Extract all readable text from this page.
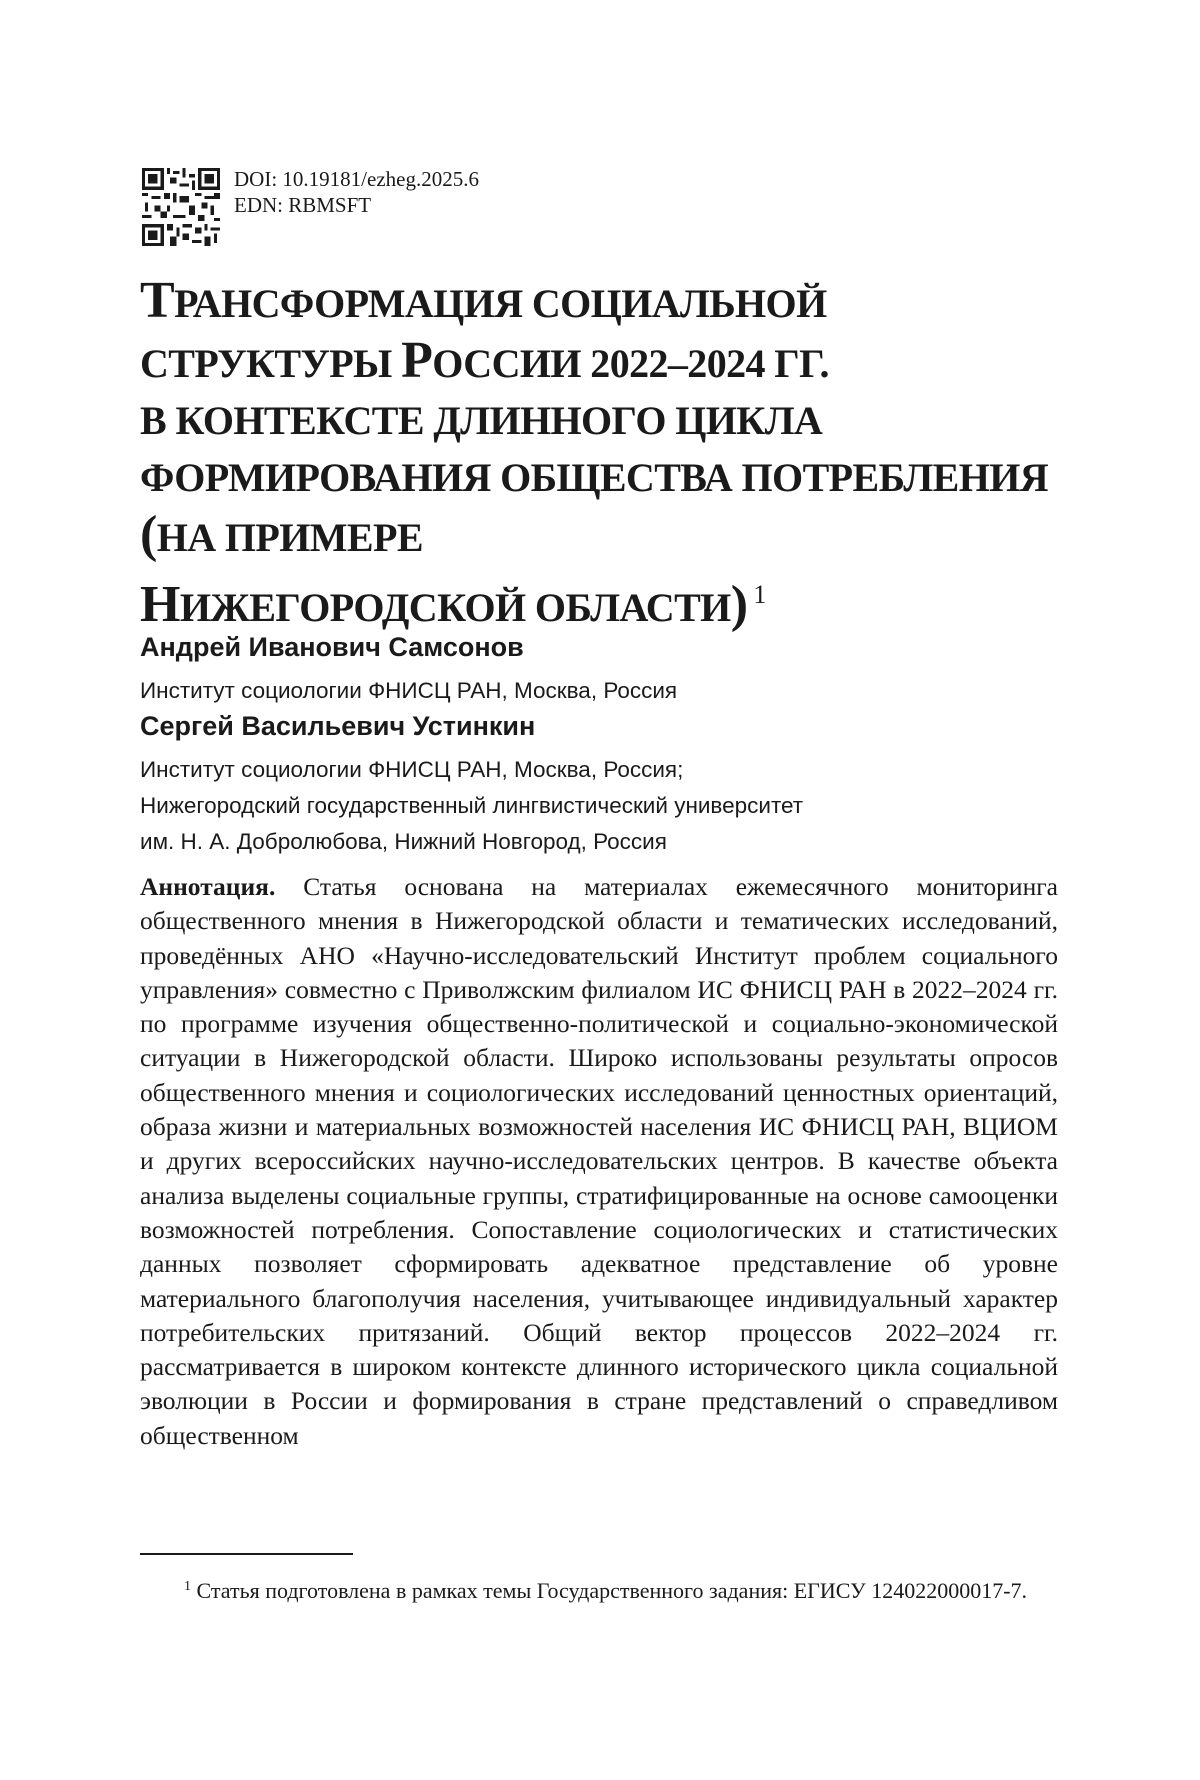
DOI: 10.19181/ezheg.2025.6
EDN: RBMSFT
ТРАНСФОРМАЦИЯ СОЦИАЛЬНОЙ
СТРУКТУРЫ РОССИИ 2022–2024 ГГ.
В КОНТЕКСТЕ ДЛИННОГО ЦИКЛА
ФОРМИРОВАНИЯ ОБЩЕСТВА ПОТРЕБЛЕНИЯ
(НА ПРИМЕРЕ
НИЖЕГОРОДСКОЙ ОБЛАСТИ) $^1$
Андрей Иванович Самсонов
Институт социологии ФНИСЦ РАН, Москва, Россия
Сергей Васильевич Устинкин
Институт социологии ФНИСЦ РАН, Москва, Россия;
Нижегородский государственный лингвистический университет
им. Н. А. Добролюбова, Нижний Новгород, Россия

Аннотация. Статья основана на материалах ежемесячного мониторинга общественного мнения в Нижегородской области и тематических исследований, проведённых АНО «Научно-исследовательский Институт проблем социального управления» совместно с Приволжским филиалом ИС ФНИСЦ РАН в 2022–2024 гг. по программе изучения общественно-политической и социально-экономической ситуации в Нижегородской области. Широко использованы результаты опросов общественного мнения и социологических исследований ценностных ориентаций, образа жизни и материальных возможностей населения ИС ФНИСЦ РАН, ВЦИОМ и других всероссийских научно-исследовательских центров. В качестве объекта анализа выделены социальные группы, стратифицированные на основе самооценки возможностей потребления. Сопоставление социологических и статистических данных позволяет сформировать адекватное представление об уровне материального благополучия населения, учитывающее индивидуальный характер потребительских притязаний. Общий вектор процессов 2022–2024 гг. рассматривается в широком контексте длинного исторического цикла социальной эволюции в России и формирования в стране представлений о справедливом общественном

$^1$ Статья подготовлена в рамках темы Государственного задания: ЕГИСУ 124022000017-7.
